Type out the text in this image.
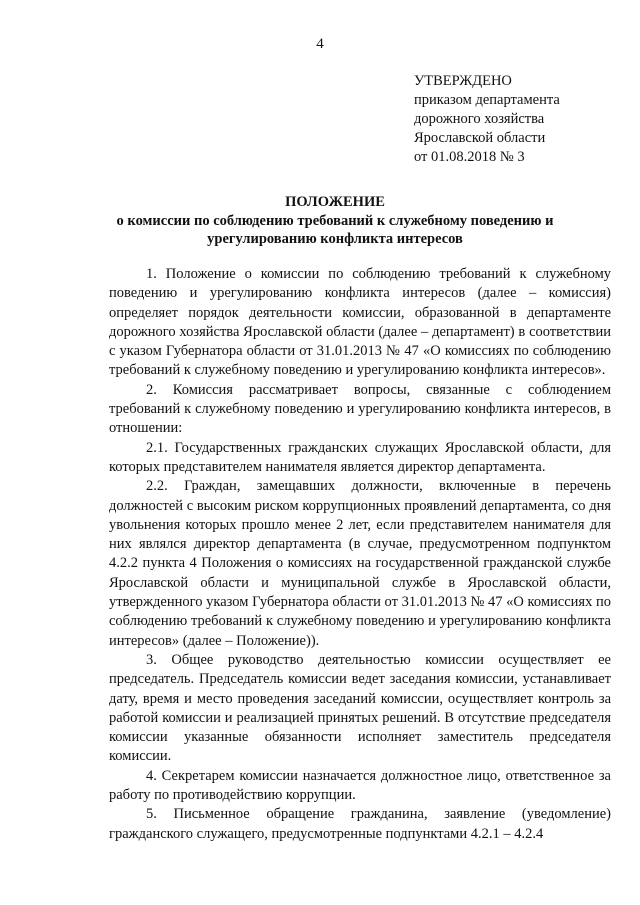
4
УТВЕРЖДЕНО
приказом департамента
дорожного хозяйства
Ярославской области
от 01.08.2018 № 3
ПОЛОЖЕНИЕ
о комиссии по соблюдению требований к служебному поведению и
урегулированию конфликта интересов

1. Положение о комиссии по соблюдению требований к служебному поведению и урегулированию конфликта интересов (далее – комиссия) определяет порядок деятельности комиссии, образованной в департаменте дорожного хозяйства Ярославской области (далее – департамент) в соответствии с указом Губернатора области от 31.01.2013 № 47 «О комиссиях по соблюдению требований к служебному поведению и урегулированию конфликта интересов».

2. Комиссия рассматривает вопросы, связанные с соблюдением требований к служебному поведению и урегулированию конфликта интересов, в отношении:

2.1. Государственных гражданских служащих Ярославской области, для которых представителем нанимателя является директор департамента.

2.2. Граждан, замещавших должности, включенные в перечень должностей с высоким риском коррупционных проявлений департамента, со дня увольнения которых прошло менее 2 лет, если представителем нанимателя для них являлся директор департамента (в случае, предусмотренном подпунктом 4.2.2 пункта 4 Положения о комиссиях на государственной гражданской службе Ярославской области и муниципальной службе в Ярославской области, утвержденного указом Губернатора области от 31.01.2013 № 47 «О комиссиях по соблюдению требований к служебному поведению и урегулированию конфликта интересов» (далее – Положение)).

3. Общее руководство деятельностью комиссии осуществляет ее председатель. Председатель комиссии ведет заседания комиссии, устанавливает дату, время и место проведения заседаний комиссии, осуществляет контроль за работой комиссии и реализацией принятых решений. В отсутствие председателя комиссии указанные обязанности исполняет заместитель председателя комиссии.

4. Секретарем комиссии назначается должностное лицо, ответственное за работу по противодействию коррупции.

5. Письменное обращение гражданина, заявление (уведомление) гражданского служащего, предусмотренные подпунктами 4.2.1 – 4.2.4
